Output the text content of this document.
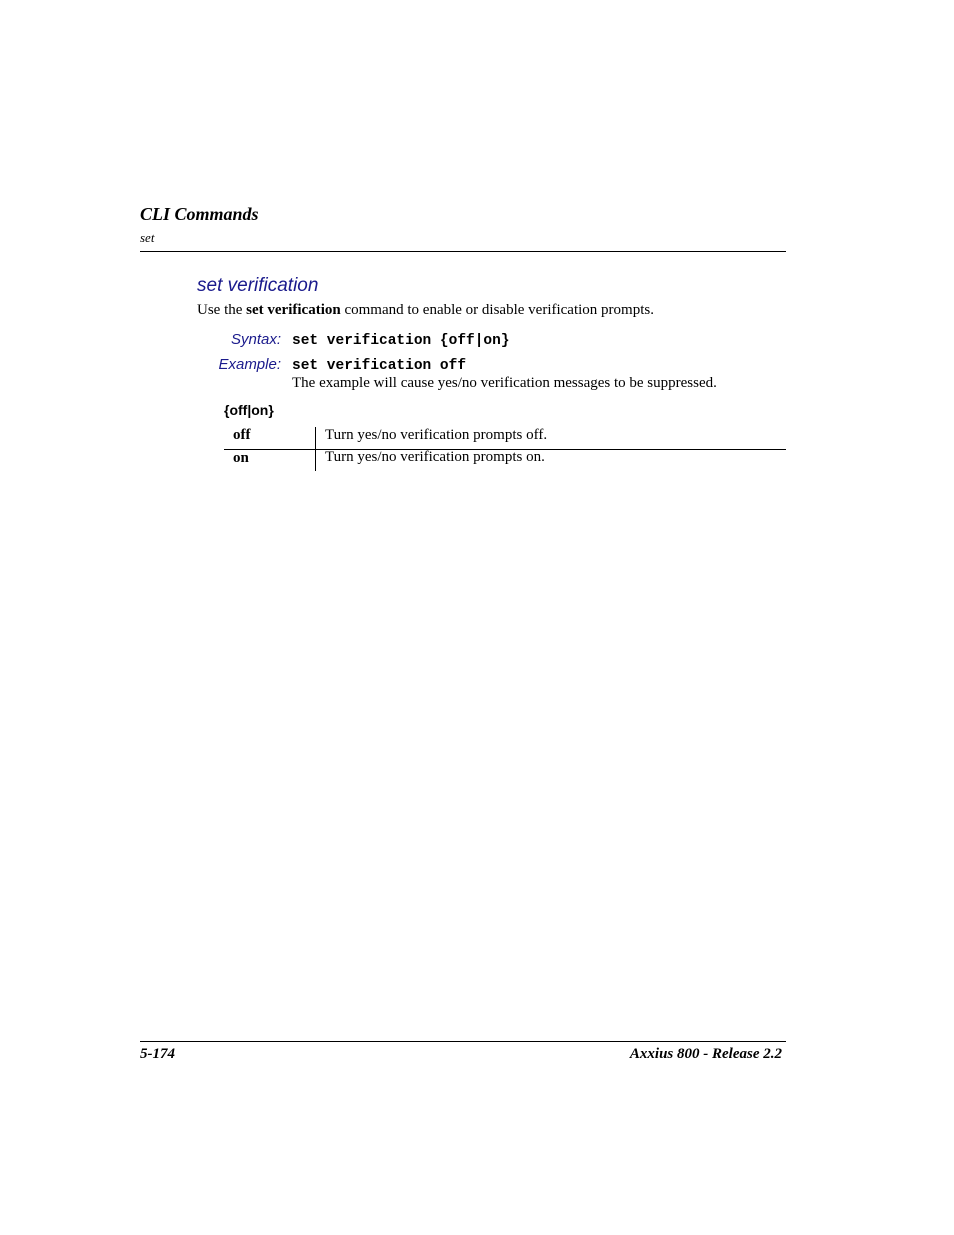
CLI Commands
set
set verification
Use the set verification command to enable or disable verification prompts.
Syntax: set verification {off|on}
Example: set verification off
The example will cause yes/no verification messages to be suppressed.
{off|on}
off	Turn yes/no verification prompts off.
on	Turn yes/no verification prompts on.
5-174	Axxius 800 - Release 2.2
